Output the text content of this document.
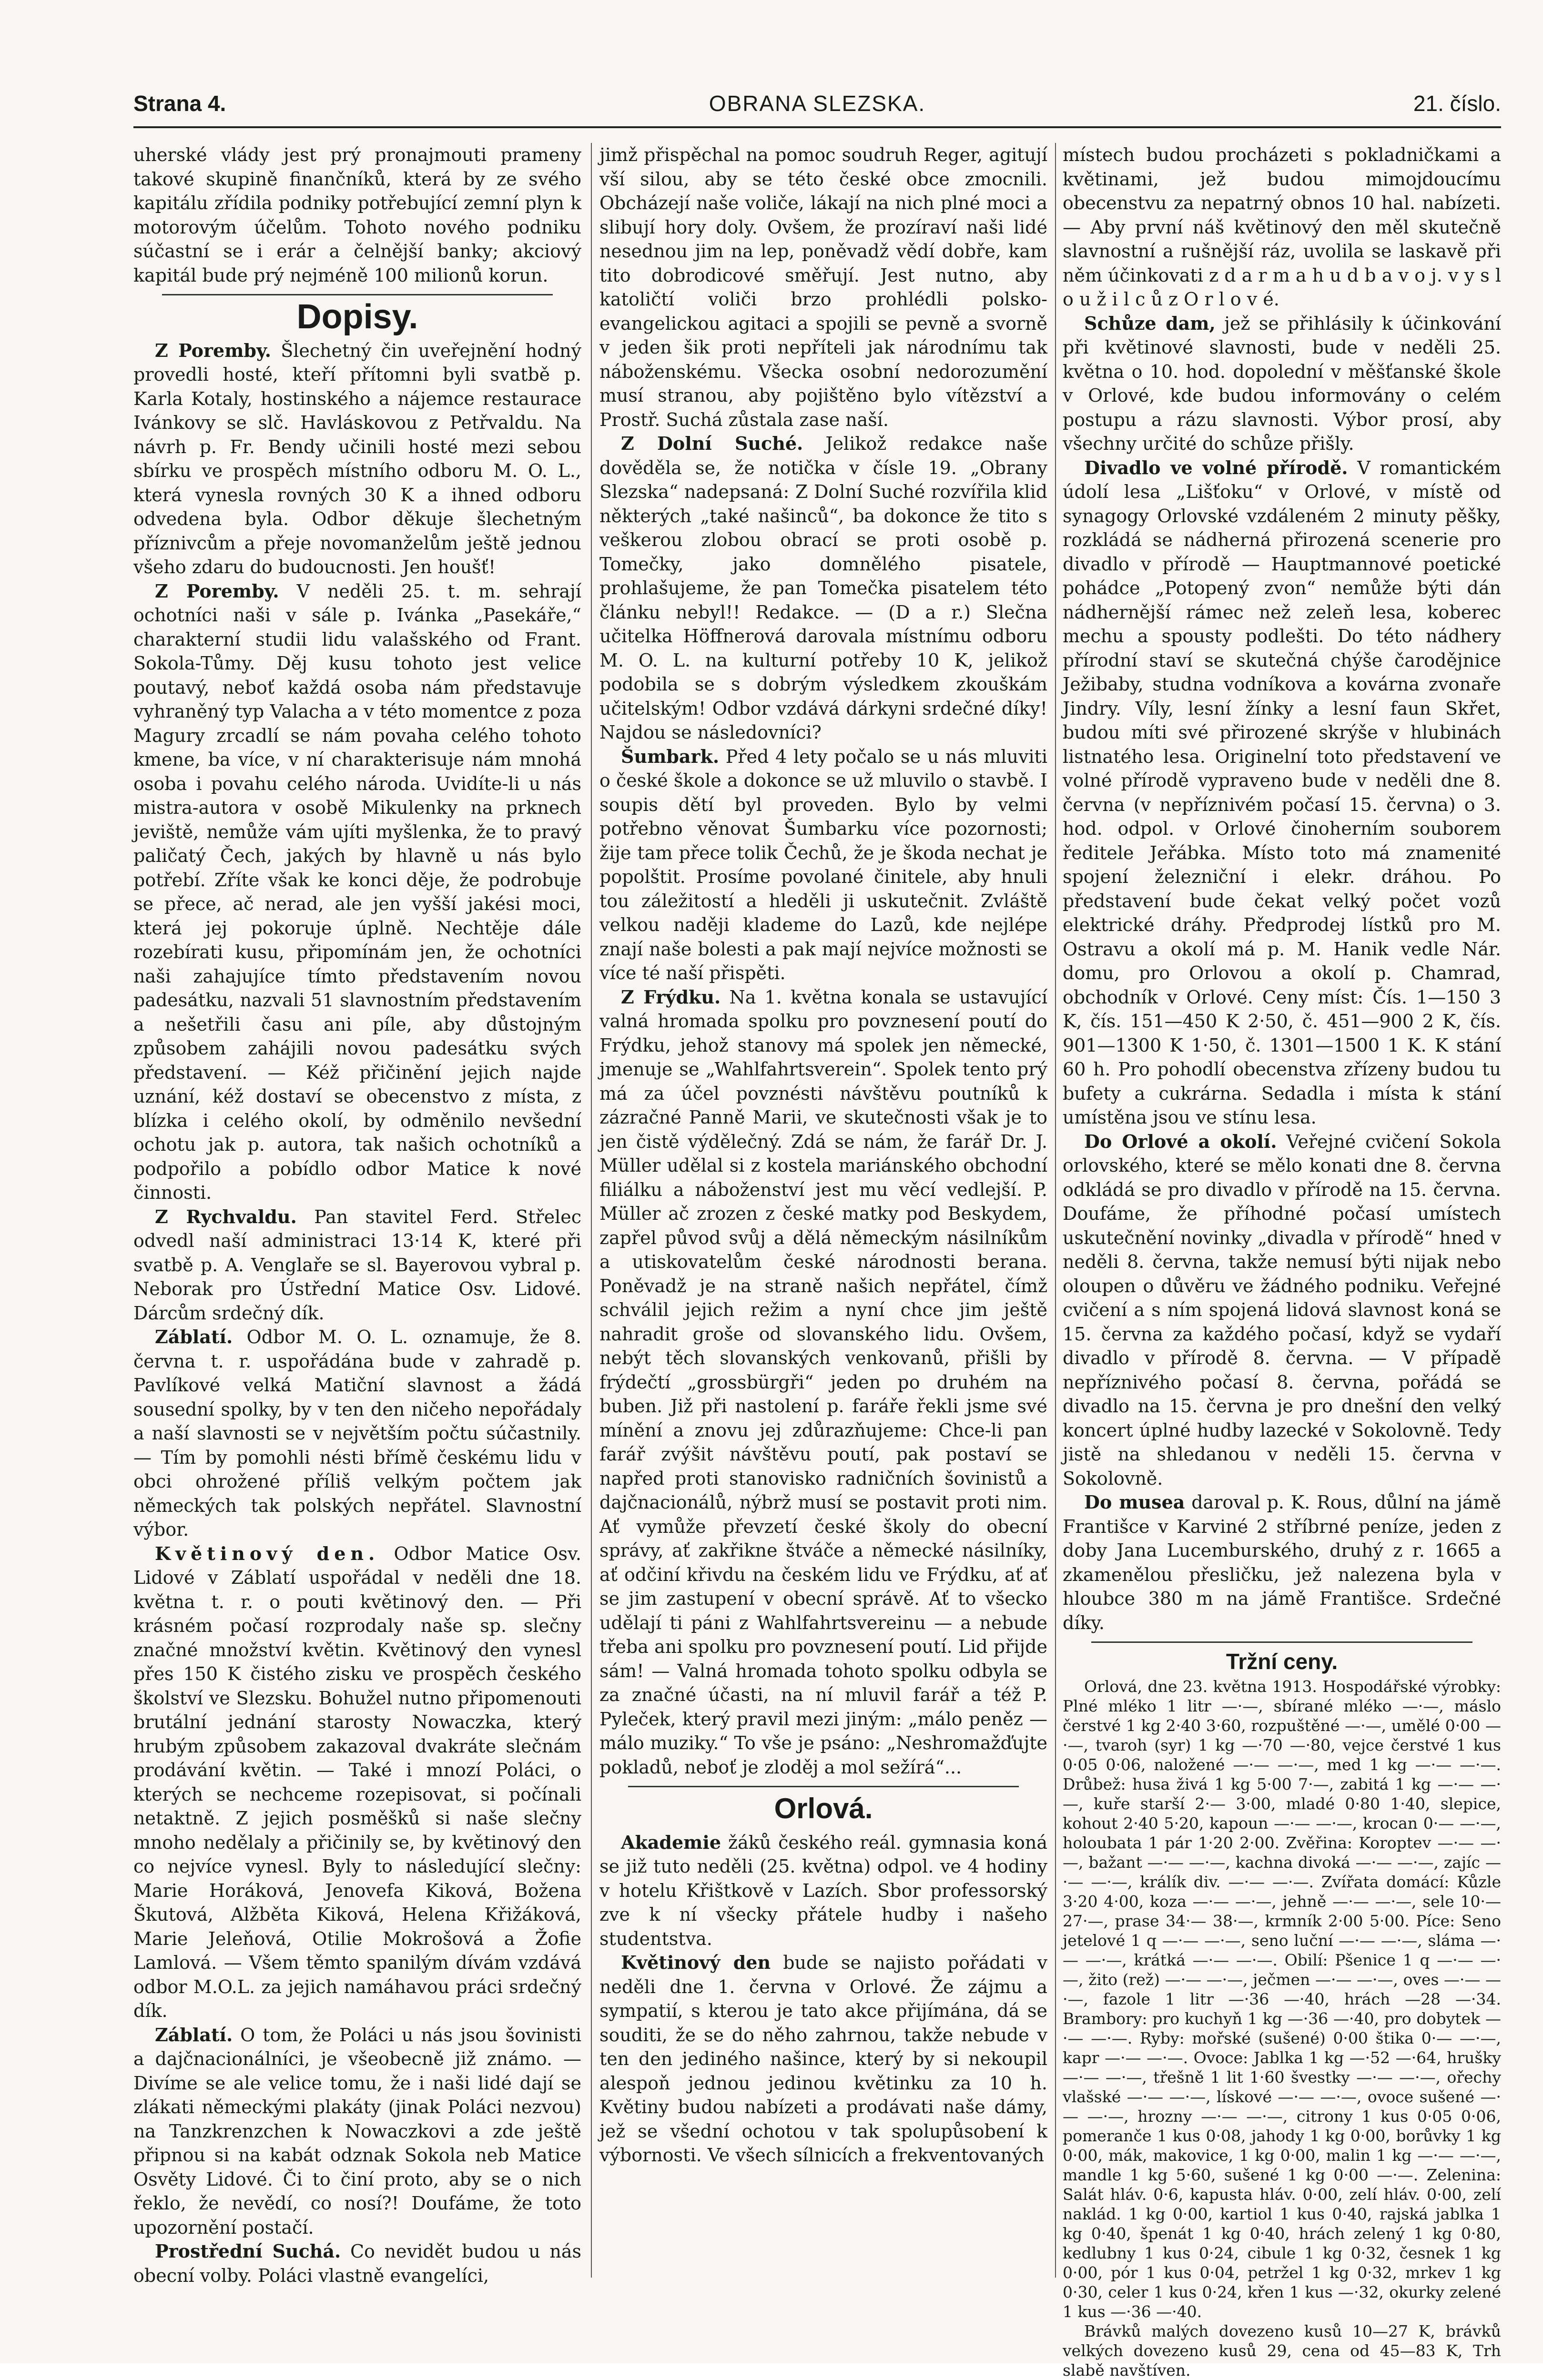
Strana 4.	OBRANA SLEZSKA.	21. číslo.

uherské vlády jest prý pronajmouti prameny takové skupině finančníků, která by ze svého kapitálu zřídila podniky potřebující zemní plyn k motorovým účelům. Tohoto nového podniku súčastní se i erár a čelnější banky; akciový kapitál bude prý nejméně 100 milionů korun.

Dopisy.

Z Poremby. Šlechetný čin uveřejnění hodný provedli hosté, kteří přítomni byli svatbě p. Karla Kotaly, hostinského a nájemce restaurace Ivánkovy se slč. Havláskovou z Petřvaldu. Na návrh p. Fr. Bendy učinili hosté mezi sebou sbírku ve prospěch místního odboru M. O. L., která vynesla rovných 30 K a ihned odboru odvedena byla. Odbor děkuje šlechetným příznivcům a přeje novomanželům ještě jednou všeho zdaru do budoucnosti. Jen houšť!

Z Poremby. V neděli 25. t. m. sehrají ochotníci naši v sále p. Ivánka „Pasekáře,“ charakterní studii lidu valašského od Frant. Sokola-Tůmy. Děj kusu tohoto jest velice poutavý, neboť každá osoba nám představuje vyhraněný typ Valacha a v této momentce z poza Magury zrcadlí se nám povaha celého tohoto kmene, ba více, v ní charakterisuje nám mnohá osoba i povahu celého národa. Uvidíte-li u nás mistra-autora v osobě Mikulenky na prknech jeviště, nemůže vám ujíti myšlenka, že to pravý paličatý Čech, jakých by hlavně u nás bylo potřebí. Zříte však ke konci děje, že podrobuje se přece, ač nerad, ale jen vyšší jakési moci, která jej pokoruje úplně. Nechtěje dále rozebírati kusu, připomínám jen, že ochotníci naši zahajujíce tímto představením novou padesátku, nazvali 51 slavnostním představením a nešetřili času ani píle, aby důstojným způsobem zahájili novou padesátku svých představení. — Kéž přičinění jejich najde uznání, kéž dostaví se obecenstvo z místa, z blízka i celého okolí, by odměnilo nevšední ochotu jak p. autora, tak našich ochotníků a podpořilo a pobídlo odbor Matice k nové činnosti.

Z Rychvaldu. Pan stavitel Ferd. Střelec odvedl naší administraci 13·14 K, které při svatbě p. A. Venglaře se sl. Bayerovou vybral p. Neborak pro Ústřední Matice Osv. Lidové. Dárcům srdečný dík.

Záblatí. Odbor M. O. L. oznamuje, že 8. června t. r. uspořádána bude v zahradě p. Pavlíkové velká Matiční slavnost a žádá sousední spolky, by v ten den ničeho nepořádaly a naší slavnosti se v největším počtu súčastnily. — Tím by pomohli nésti břímě českému lidu v obci ohrožené příliš velkým počtem jak německých tak polských nepřátel. Slavnostní výbor.

Květinový den. Odbor Matice Osv. Lidové v Záblatí uspořádal v neděli dne 18. května t. r. o pouti květinový den. — Při krásném počasí rozprodaly naše sp. slečny značné množství květin. Květinový den vynesl přes 150 K čistého zisku ve prospěch českého školství ve Slezsku. Bohužel nutno připomenouti brutální jednání starosty Nowaczka, který hrubým způsobem zakazoval dvakráte slečnám prodávání květin. — Také i mnozí Poláci, o kterých se nechceme rozepisovat, si počínali netaktně. Z jejich posměšků si naše slečny mnoho nedělaly a přičinily se, by květinový den co nejvíce vynesl. Byly to následující slečny: Marie Horáková, Jenovefa Kiková, Božena Škutová, Alžběta Kiková, Helena Křižáková, Marie Jeleňová, Otilie Mokrošová a Žofie Lamlová. — Všem těmto spanilým dívám vzdává odbor M.O.L. za jejich namáhavou práci srdečný dík.

Záblatí. O tom, že Poláci u nás jsou šovinisti a dajčnacionálníci, je všeobecně již známo. — Divíme se ale velice tomu, že i naši lidé dají se zlákati německými plakáty (jinak Poláci nezvou) na Tanzkrenzchen k Nowaczkovi a zde ještě připnou si na kabát odznak Sokola neb Matice Osvěty Lidové. Či to činí proto, aby se o nich řeklo, že nevědí, co nosí?! Doufáme, že toto upozornění postačí.

Prostřední Suchá. Co nevidět budou u nás obecní volby. Poláci vlastně evangelíci,

jimž přispěchal na pomoc soudruh Reger, agitují vší silou, aby se této české obce zmocnili. Obcházejí naše voliče, lákají na nich plné moci a slibují hory doly. Ovšem, že prozíraví naši lidé nesednou jim na lep, poněvadž vědí dobře, kam tito dobrodicové směřují. Jest nutno, aby katoličtí voliči brzo prohlédli polsko-evangelickou agitaci a spojili se pevně a svorně v jeden šik proti nepříteli jak národnímu tak náboženskému. Všecka osobní nedorozumění musí stranou, aby pojištěno bylo vítězství a Prostř. Suchá zůstala zase naší.

Z Dolní Suché. Jelikož redakce naše dověděla se, že notička v čísle 19. „Obrany Slezska“ nadepsaná: Z Dolní Suché rozvířila klid některých „také našinců“, ba dokonce že tito s veškerou zlobou obrací se proti osobě p. Tomečky, jako domnělého pisatele, prohlašujeme, že pan Tomečka pisatelem této článku nebyl!! Redakce. — (D a r.) Slečna učitelka Höffnerová darovala místnímu odboru M. O. L. na kulturní potřeby 10 K, jelikož podobila se s dobrým výsledkem zkouškám učitelským! Odbor vzdává dárkyni srdečné díky! Najdou se následovníci?

Šumbark. Před 4 lety počalo se u nás mluviti o české škole a dokonce se už mluvilo o stavbě. I soupis dětí byl proveden. Bylo by velmi potřebno věnovat Šumbarku více pozornosti; žije tam přece tolik Čechů, že je škoda nechat je popolštit. Prosíme povolané činitele, aby hnuli tou záležitostí a hleděli ji uskutečnit. Zvláště velkou naději klademe do Lazů, kde nejlépe znají naše bolesti a pak mají nejvíce možnosti se více té naší přispěti.

Z Frýdku. Na 1. května konala se ustavující valná hromada spolku pro povznesení poutí do Frýdku, jehož stanovy má spolek jen německé, jmenuje se „Wahlfahrtsverein“. Spolek tento prý má za účel povznésti návštěvu poutníků k zázračné Panně Marii, ve skutečnosti však je to jen čistě výdělečný. Zdá se nám, že farář Dr. J. Müller udělal si z kostela mariánského obchodní filiálku a náboženství jest mu věcí vedlejší. P. Müller ač zrozen z české matky pod Beskydem, zapřel původ svůj a dělá německým násilníkům a utiskovatelům české národnosti berana. Poněvadž je na straně našich nepřátel, čímž schválil jejich režim a nyní chce jim ještě nahradit groše od slovanského lidu. Ovšem, nebýt těch slovanských venkovanů, přišli by frýdečtí „grossbürgři“ jeden po druhém na buben. Již při nastolení p. faráře řekli jsme své mínění a znovu jej zdůrazňujeme: Chce-li pan farář zvýšit návštěvu poutí, pak postaví se napřed proti stanovisko radničních šovinistů a dajčnacionálů, nýbrž musí se postavit proti nim. Ať vymůže převzetí české školy do obecní správy, ať zakřikne štváče a německé násilníky, ať odčiní křivdu na českém lidu ve Frýdku, ať ať se jim zastupení v obecní správě. Ať to všecko udělají ti páni z Wahlfahrtsvereinu — a nebude třeba ani spolku pro povznesení poutí. Lid přijde sám! — Valná hromada tohoto spolku odbyla se za značné účasti, na ní mluvil farář a též P. Pyleček, který pravil mezi jiným: „málo peněz — málo muziky.“ To vše je psáno: „Neshromažďujte pokladů, neboť je zloděj a mol sežírá“...

Orlová.

Akademie žáků českého reál. gymnasia koná se již tuto neděli (25. května) odpol. ve 4 hodiny v hotelu Křištkově v Lazích. Sbor professorský zve k ní všecky přátele hudby i našeho studentstva.

Květinový den bude se najisto pořádati v neděli dne 1. června v Orlové. Že zájmu a sympatií, s kterou je tato akce přijímána, dá se souditi, že se do něho zahrnou, takže nebude v ten den jediného našince, který by si nekoupil alespoň jednou jedinou květinku za 10 h. Květiny budou nabízeti a prodávati naše dámy, jež se všední ochotou v tak spolupůsobení k výbornosti. Ve všech sílnicích a frekventovaných

místech budou procházeti s pokladničkami a květinami, jež budou mimojdoucímu obecenstvu za nepatrný obnos 10 hal. nabízeti. — Aby první náš květinový den měl skutečně slavnostní a rušnější ráz, uvolila se laskavě při něm účinkovati z d a r m a h u d b a v o j. v y s l o u ž i l c ů z O r l o v é.

Schůze dam, jež se přihlásily k účinkování při květinové slavnosti, bude v neděli 25. května o 10. hod. dopolední v měšťanské škole v Orlové, kde budou informovány o celém postupu a rázu slavnosti. Výbor prosí, aby všechny určité do schůze přišly.

Divadlo ve volné přírodě. V romantickém údolí lesa „Lišťoku“ v Orlové, v místě od synagogy Orlovské vzdáleném 2 minuty pěšky, rozkládá se nádherná přirozená scenerie pro divadlo v přírodě — Hauptmannové poetické pohádce „Potopený zvon“ nemůže býti dán nádhernější rámec než zeleň lesa, koberec mechu a spousty podlešti. Do této nádhery přírodní staví se skutečná chýše čarodějnice Ježibaby, studna vodníkova a kovárna zvonaře Jindry. Víly, lesní žínky a lesní faun Skřet, budou míti své přirozené skrýše v hlubinách listnatého lesa. Originelní toto představení ve volné přírodě vypraveno bude v neděli dne 8. června (v nepříznivém počasí 15. června) o 3. hod. odpol. v Orlové činoherním souborem ředitele Jeřábka. Místo toto má znamenité spojení železniční i elekr. dráhou. Po představení bude čekat velký počet vozů elektrické dráhy. Předprodej lístků pro M. Ostravu a okolí má p. M. Hanik vedle Nár. domu, pro Orlovou a okolí p. Chamrad, obchodník v Orlové. Ceny míst: Čís. 1—150 3 K, čís. 151—450 K 2·50, č. 451—900 2 K, čís. 901—1300 K 1·50, č. 1301—1500 1 K. K stání 60 h. Pro pohodlí obecenstva zřízeny budou tu bufety a cukrárna. Sedadla i místa k stání umístěna jsou ve stínu lesa.

Do Orlové a okolí. Veřejné cvičení Sokola orlovského, které se mělo konati dne 8. června odkládá se pro divadlo v přírodě na 15. června. Doufáme, že příhodné počasí umístech uskutečnění novinky „divadla v přírodě“ hned v neděli 8. června, takže nemusí býti nijak nebo oloupen o důvěru ve žádného podniku. Veřejné cvičení a s ním spojená lidová slavnost koná se 15. června za každého počasí, když se vydaří divadlo v přírodě 8. června. — V případě nepříznivého počasí 8. června, pořádá se divadlo na 15. června je pro dnešní den velký koncert úplné hudby lazecké v Sokolovně. Tedy jistě na shledanou v neděli 15. června v Sokolovně.

Do musea daroval p. K. Rous, důlní na jámě Františce v Karviné 2 stříbrné peníze, jeden z doby Jana Lucemburského, druhý z r. 1665 a zkamenělou přesličku, jež nalezena byla v hloubce 380 m na jámě Františce. Srdečné díky.

Tržní ceny.

Orlová, dne 23. května 1913. Hospodářské výrobky: Plné mléko 1 litr —·—, sbírané mléko —·—, máslo čerstvé 1 kg 2·40 3·60, rozpuštěné —·—, umělé 0·00 —·—, tvaroh (syr) 1 kg —·70 —·80, vejce čerstvé 1 kus 0·05 0·06, naložené —·— —·—, med 1 kg —·— —·—. Drůbež: husa živá 1 kg 5·00 7·—, zabitá 1 kg —·— —·—, kuře starší 2·— 3·00, mladé 0·80 1·40, slepice, kohout 2·40 5·20, kapoun —·— —·—, krocan 0·— —·—, holoubata 1 pár 1·20 2·00. Zvěřina: Koroptev —·— —·—, bažant —·— —·—, kachna divoká —·— —·—, zajíc —·— —·—, králík div. —·— —·—. Zvířata domácí: Kůzle 3·20 4·00, koza —·— —·—, jehně —·— —·—, sele 10·— 27·—, prase 34·— 38·—, krmník 2·00 5·00. Píce: Seno jetelové 1 q —·— —·—, seno luční —·— —·—, sláma —·— —·—, krátká —·— —·—. Obilí: Pšenice 1 q —·— —·—, žito (rež) —·— —·—, ječmen —·— —·—, oves —·— —·—, fazole 1 litr —·36 —·40, hrách —28 —·34. Brambory: pro kuchyň 1 kg —·36 —·40, pro dobytek —·— —·—. Ryby: mořské (sušené) 0·00 štika 0·— —·—, kapr —·— —·—. Ovoce: Jablka 1 kg —·52 —·64, hrušky —·— —·—, třešně 1 lit 1·60 švestky —·— —·—, ořechy vlašské —·— —·—, lískové —·— —·—, ovoce sušené —·— —·—, hrozny —·— —·—, citrony 1 kus 0·05 0·06, pomeranče 1 kus 0·08, jahody 1 kg 0·00, borůvky 1 kg 0·00, mák, makovice, 1 kg 0·00, malin 1 kg —·— —·—, mandle 1 kg 5·60, sušené 1 kg 0·00 —·—. Zelenina: Salát hláv. 0·6, kapusta hláv. 0·00, zelí hláv. 0·00, zelí naklád. 1 kg 0·00, kartiol 1 kus 0·40, rajská jablka 1 kg 0·40, špenát 1 kg 0·40, hrách zelený 1 kg 0·80, kedlubny 1 kus 0·24, cibule 1 kg 0·32, česnek 1 kg 0·00, pór 1 kus 0·04, petržel 1 kg 0·32, mrkev 1 kg 0·30, celer 1 kus 0·24, křen 1 kus —·32, okurky zelené 1 kus —·36 —·40.

Brávků malých dovezeno kusů 10—27 K, brávků velkých dovezeno kusů 29, cena od 45—83 K, Trh slabě navštíven.
